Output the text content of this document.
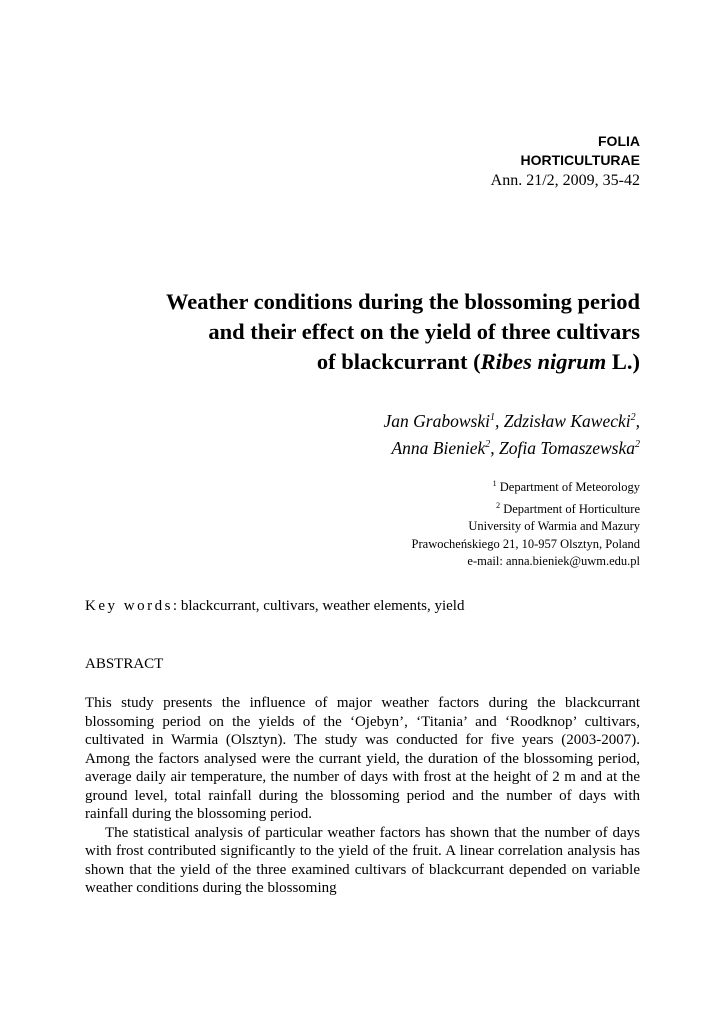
FOLIA
HORTICULTURAE
Ann. 21/2, 2009, 35-42
Weather conditions during the blossoming period
and their effect on the yield of three cultivars
of blackcurrant (Ribes nigrum L.)
Jan Grabowski$^1$, Zdzisław Kawecki$^2$,
Anna Bieniek$^2$, Zofia Tomaszewska$^2$
$^1$ Department of Meteorology
$^2$ Department of Horticulture
University of Warmia and Mazury
Prawocheńskiego 21, 10-957 Olsztyn, Poland
e-mail: anna.bieniek@uwm.edu.pl
Key words: blackcurrant, cultivars, weather elements, yield
ABSTRACT

This study presents the influence of major weather factors during the blackcurrant blossoming period on the yields of the ‘Ojebyn’, ‘Titania’ and ‘Roodknop’ cultivars, cultivated in Warmia (Olsztyn). The study was conducted for five years (2003-2007). Among the factors analysed were the currant yield, the duration of the blossoming period, average daily air temperature, the number of days with frost at the height of 2 m and at the ground level, total rainfall during the blossoming period and the number of days with rainfall during the blossoming period.

The statistical analysis of particular weather factors has shown that the number of days with frost contributed significantly to the yield of the fruit. A linear correlation analysis has shown that the yield of the three examined cultivars of blackcurrant depended on variable weather conditions during the blossoming
